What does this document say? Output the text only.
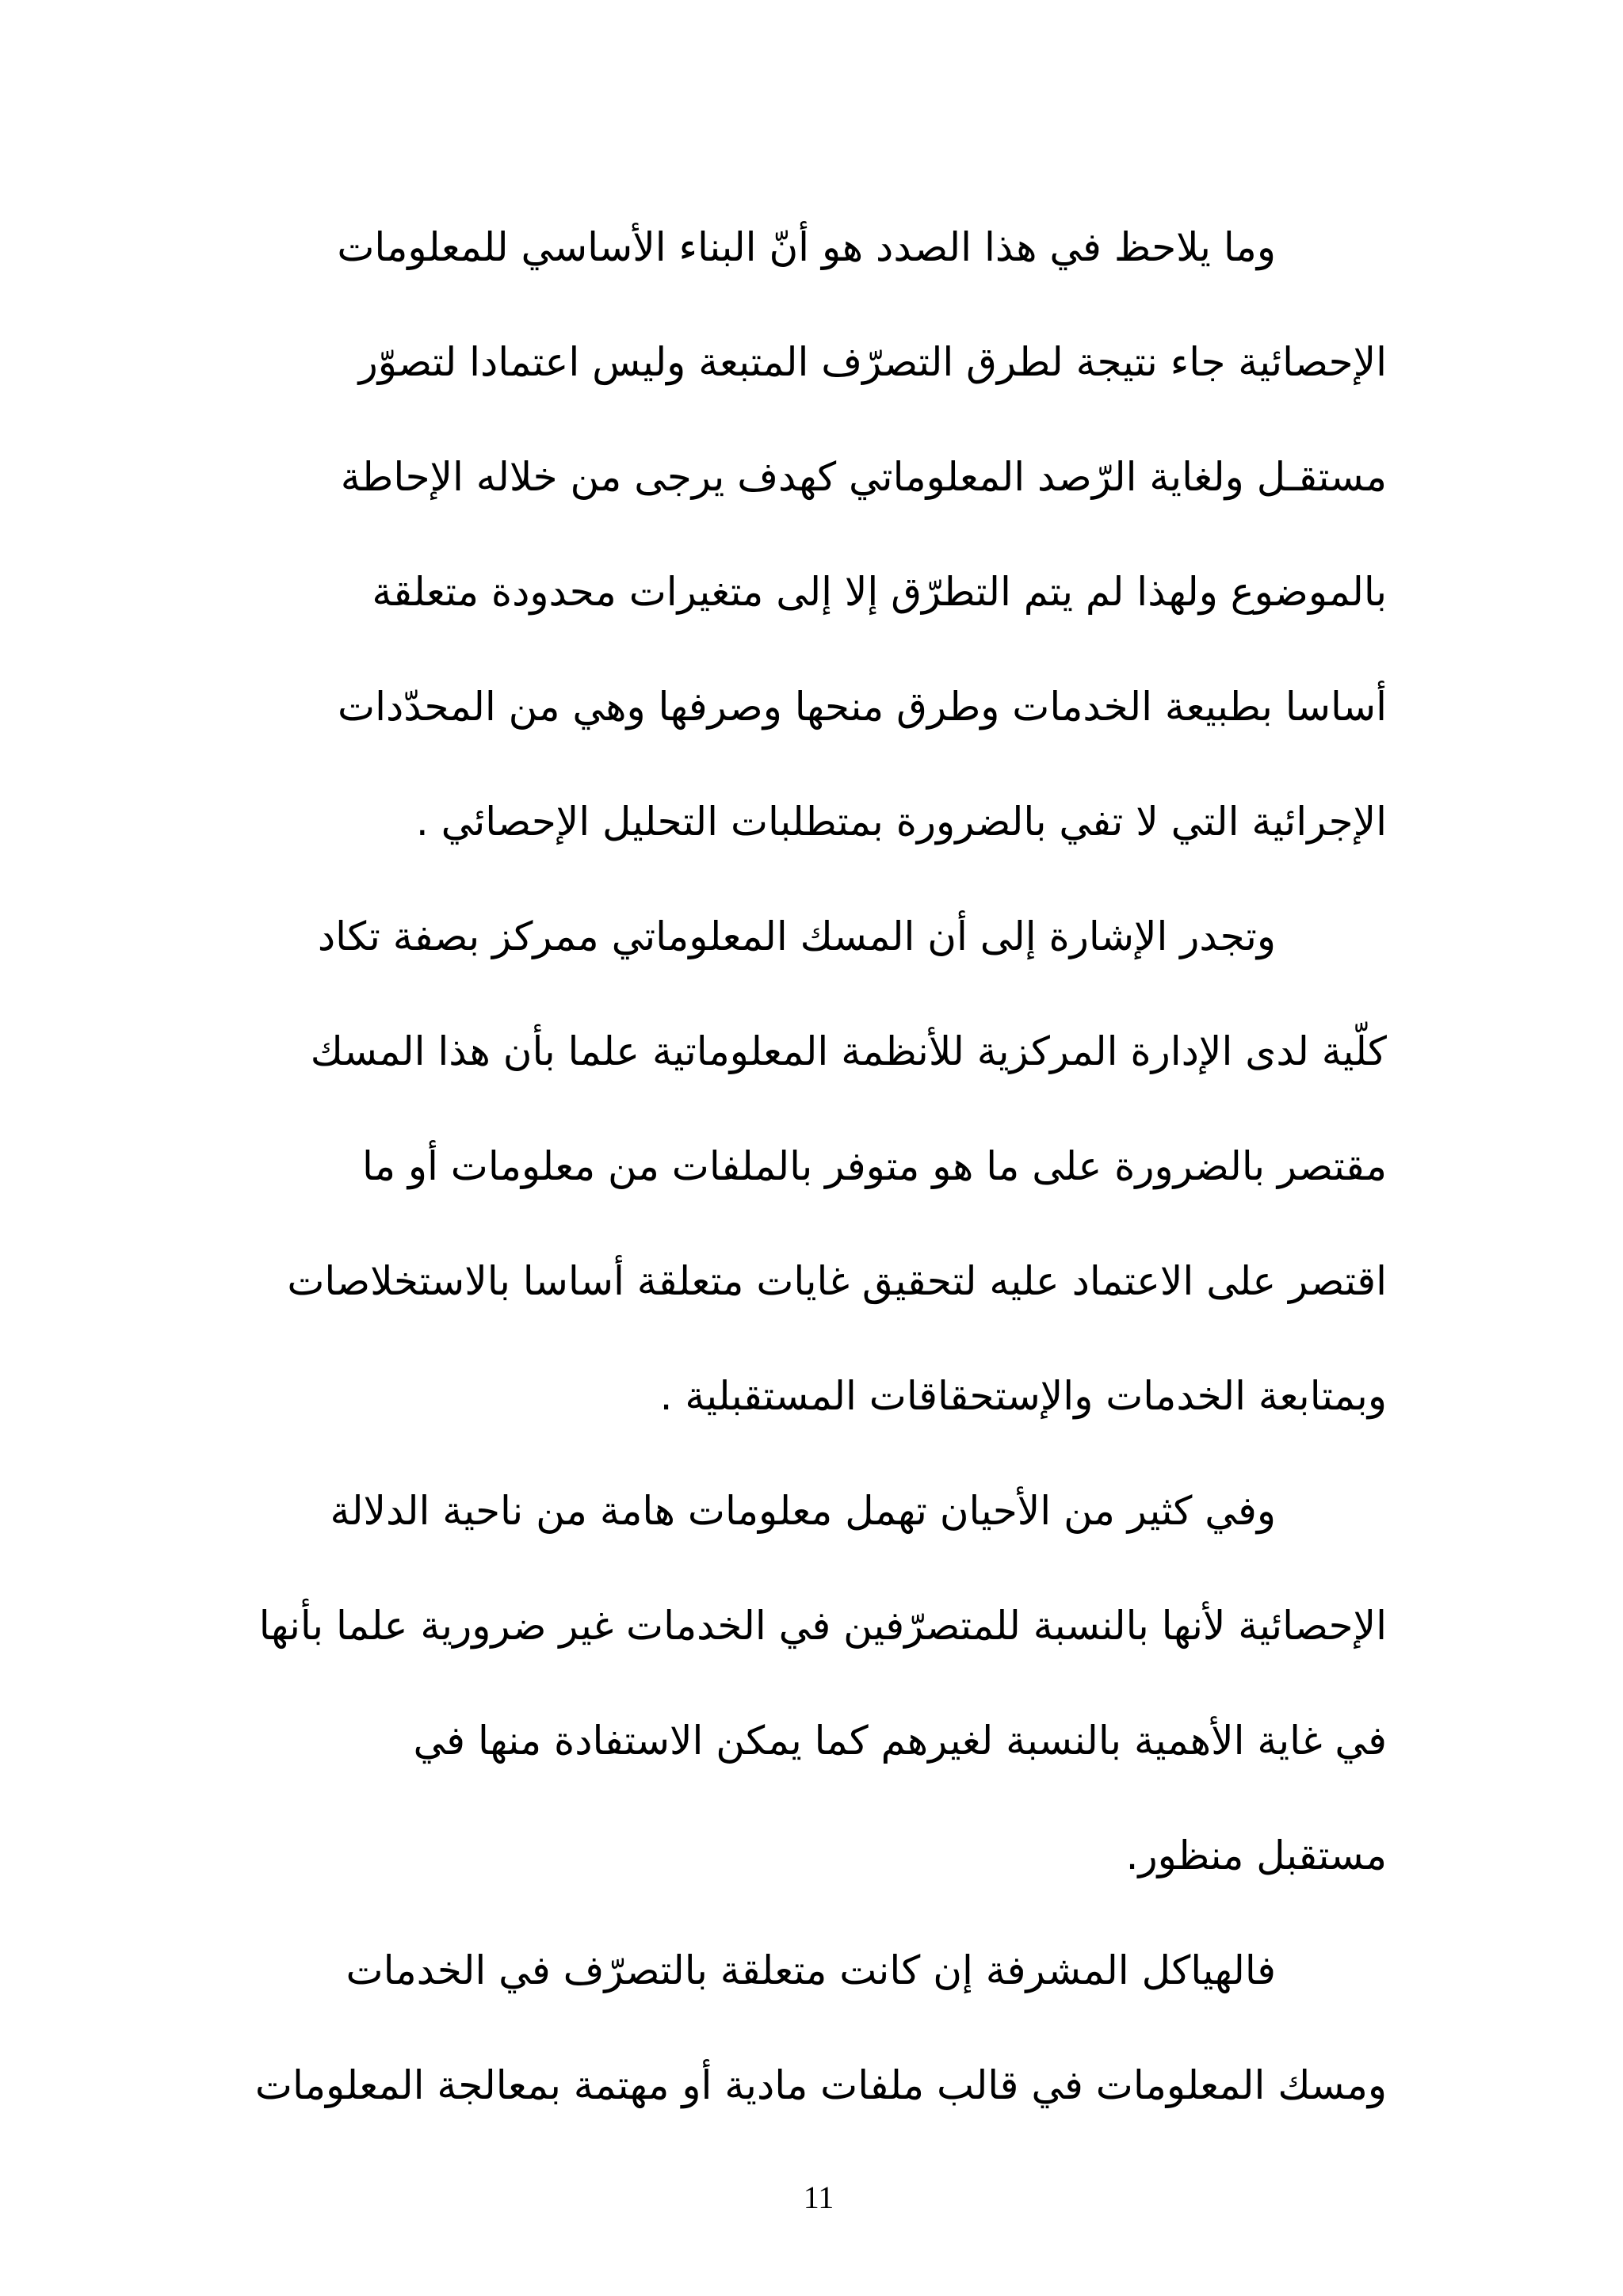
وما يلاحظ في هذا الصدد هو أنّ البناء الأساسي للمعلومات
الإحصائية جاء نتيجة لطرق التصرّف المتبعة وليس اعتمادا لتصوّر
مستقـل ولغاية الرّصد المعلوماتي كهدف يرجى من خلاله الإحاطة
بالموضوع ولهذا لم يتم التطرّق إلا إلى متغيرات محدودة متعلقة
أساسا بطبيعة الخدمات وطرق منحها وصرفها وهي من المحدّدات
الإجرائية التي لا تفي بالضرورة بمتطلبات التحليل الإحصائي .
وتجدر الإشارة إلى أن المسك المعلوماتي ممركز بصفة تكاد
كلّية لدى الإدارة المركزية للأنظمة المعلوماتية علما بأن هذا المسك
مقتصر بالضرورة على ما هو متوفر بالملفات من معلومات أو ما
اقتصر على الاعتماد عليه لتحقيق غايات متعلقة أساسا بالاستخلاصات
وبمتابعة الخدمات والإستحقاقات المستقبلية .
وفي كثير من الأحيان تهمل معلومات هامة من ناحية الدلالة
الإحصائية لأنها بالنسبة للمتصرّفين في الخدمات غير ضرورية علما بأنها
في غاية الأهمية بالنسبة لغيرهم كما يمكن الاستفادة منها في
مستقبل منظور.
فالهياكل المشرفة إن كانت متعلقة بالتصرّف في الخدمات
ومسك المعلومات في قالب ملفات مادية أو مهتمة بمعالجة المعلومات
11
